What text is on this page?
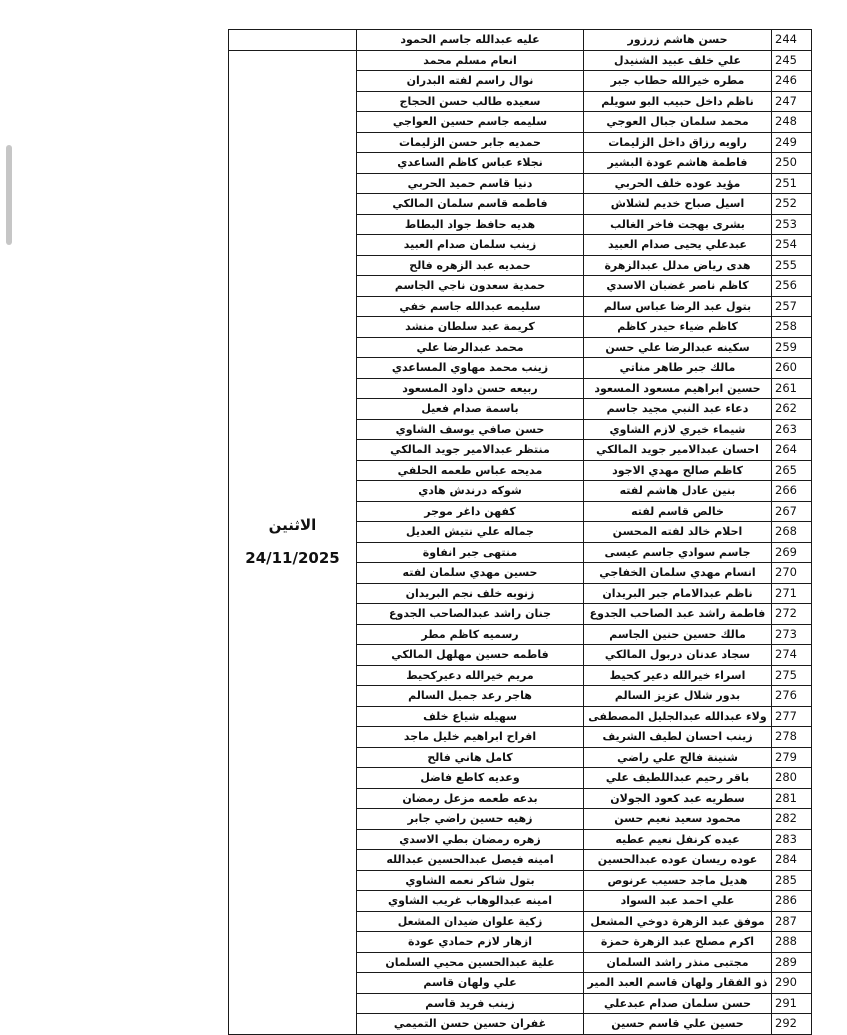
	عليه عبدالله جاسم الحمود	حسن هاشم زرزور	244

الاثنين
24/11/2025	انعام مسلم محمد	علي خلف عبيد الشنيدل	245
	نوال راسم لفته البدران	مطره خيرالله حطاب جبر	246
	سعيده طالب حسن الحجاج	ناظم داخل حبيب البو سويلم	247
	سليمه جاسم حسين العواجي	محمد سلمان جبال العوجي	248
	حمديه جابر حسن الزليمات	راويه رزاق داخل الزليمات	249
	نجلاء عباس كاظم الساعدي	فاطمة هاشم عودة البشير	250
	دنيا قاسم حميد الحربي	مؤيد عوده خلف الحربي	251
	فاطمه قاسم سلمان المالكي	اسيل صباح خديم لشلاش	252
	هديه حافظ جواد البطاط	بشرى بهجت فاخر الغالب	253
	زينب سلمان صدام العبيد	عبدعلي يحيى صدام العبيد	254
	حمديه عبد الزهره فالح	هدى رياض مدلل عبدالزهرة	255
	حمدية سعدون ناجي الجاسم	كاظم ناصر غضبان الاسدي	256
	سليمه عبدالله جاسم خفي	بتول عبد الرضا عباس سالم	257
	كريمة عبد سلطان منشد	كاظم ضياء حيدر كاظم	258
	محمد عبدالرضا علي	سكينه عبدالرضا علي حسن	259
	زينب محمد مهاوي المساعدي	مالك جبر طاهر مناتي	260
	ربيعه حسن داود المسعود	حسين ابراهيم مسعود المسعود	261
	باسمة صدام فعيل	دعاء عبد النبي مجيد جاسم	262
	حسن صافي يوسف الشاوي	شيماء خيري لازم الشاوي	263
	منتظر عبدالامير جويد المالكي	احسان عبدالامير جويد المالكي	264
	مديحه عباس طعمه الحلفي	كاظم صالح مهدي الاجود	265
	شوكه درندش هادي	بنين عادل هاشم لفته	266
	كفهن داغر موجر	خالص قاسم لفته	267
	جماله علي نتيش العديل	احلام خالد لفته المحسن	268
	منتهى جبر انفاوة	جاسم سوادي جاسم عيسى	269
	حسين مهدي سلمان لفته	انسام مهدي سلمان الخفاجي	270
	زنوبه خلف نجم البريدان	ناظم عبدالامام جبر البريدان	271
	جنان راشد عبدالصاحب الجدوع	فاطمة راشد عبد الصاحب الجدوع	272
	رسميه كاظم مطر	مالك حسين حنين الجاسم	273
	فاطمه حسين مهلهل المالكي	سجاد عدنان دربول المالكي	274
	مريم خيرالله دعيركحيط	اسراء خيرالله دعير كحيط	275
	هاجر رعد جميل السالم	بدور شلال عزيز السالم	276
	سهيله شياع خلف	ولاء عبدالله عبدالجليل المصطفى	277
	افراح ابراهيم خليل ماجد	زينب احسان لطيف الشريف	278
	كامل هاني فالح	شنينة فالح علي راضي	279
	وعديه كاطع فاضل	باقر رحيم عبداللطيف علي	280
	بدعه طعمه مزعل رمضان	سطريه عبد كعود الجولان	281
	زهيه حسين راضي جابر	محمود سعيد نعيم حسن	282
	زهره رمضان بطي الاسدي	عيده كرنفل نعيم عطيه	283
	امينه فيصل عبدالحسين عبدالله	عوده ريسان عوده عبدالحسين	284
	بتول شاكر نعمه الشاوي	هديل ماجد حسيب عرنوص	285
	امينه عبدالوهاب غريب الشاوي	علي احمد عبد السواد	286
	زكية علوان ضيدان المشعل	موفق عبد الزهرة دوخي المشعل	287
	ازهار لازم حمادي عودة	اكرم مصلح عبد الزهرة حمزة	288
	علية عبدالحسين محيي السلمان	مجتبى منذر راشد السلمان	289
	علي ولهان قاسم	ذو الفقار ولهان قاسم العبد المير	290
	زينب فريد قاسم	حسن سلمان صدام عبدعلي	291
	غفران حسين حسن التميمي	حسين علي قاسم حسين	292
